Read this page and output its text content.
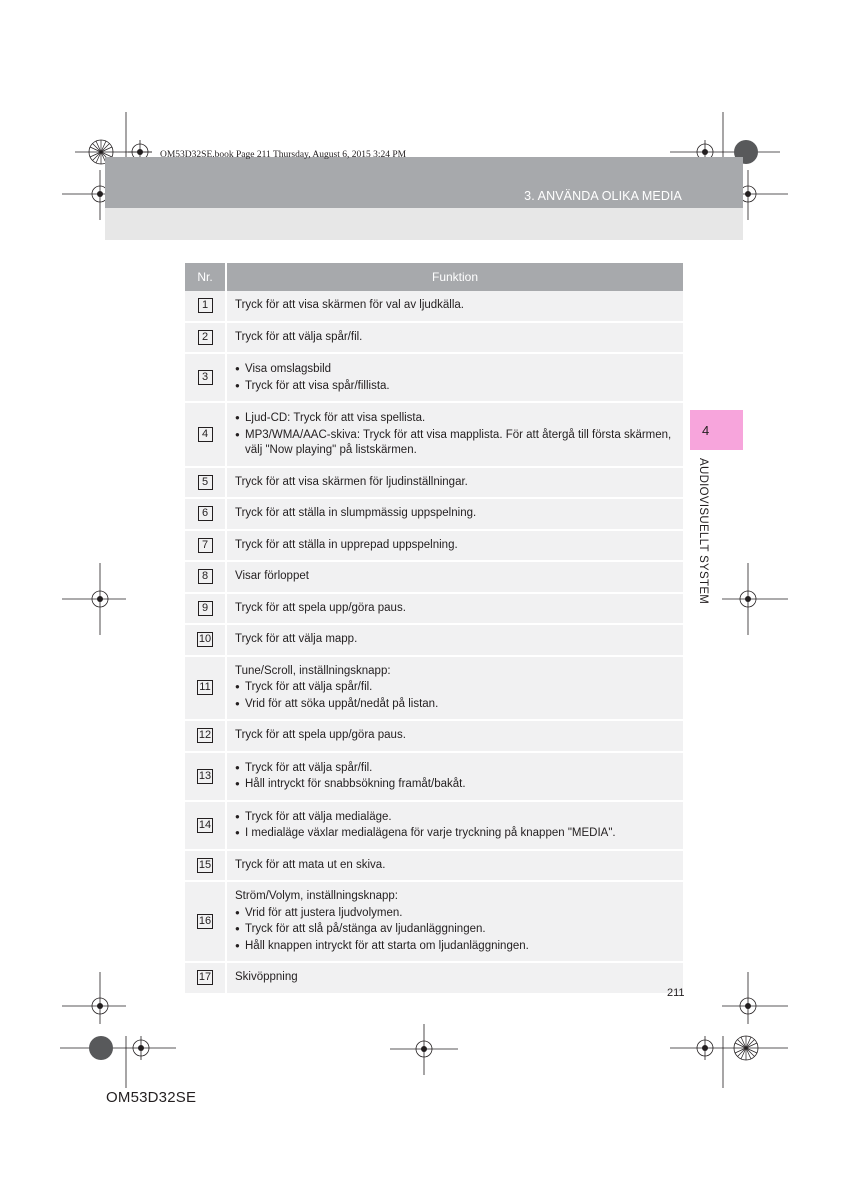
OM53D32SE.book Page 211 Thursday, August 6, 2015 3:24 PM
3. ANVÄNDA OLIKA MEDIA
4
AUDIOVISUELLT SYSTEM
Nr.	Funktion
1	Tryck för att visa skärmen för val av ljudkälla.

2	Tryck för att välja spår/fil.

3	● Visa omslagsbild
● Tryck för att visa spår/fillista.

4	● Ljud-CD: Tryck för att visa spellista.
● MP3/WMA/AAC-skiva: Tryck för att visa mapplista. För att återgå till första skärmen, välj "Now playing" på listskärmen.

5	Tryck för att visa skärmen för ljudinställningar.

6	Tryck för att ställa in slumpmässig uppspelning.

7	Tryck för att ställa in upprepad uppspelning.

8	Visar förloppet

9	Tryck för att spela upp/göra paus.

10	Tryck för att välja mapp.

11	Tune/Scroll, inställningsknapp:
● Tryck för att välja spår/fil.
● Vrid för att söka uppåt/nedåt på listan.

12	Tryck för att spela upp/göra paus.

13	● Tryck för att välja spår/fil.
● Håll intryckt för snabbsökning framåt/bakåt.

14	● Tryck för att välja medialäge.
● I medialäge växlar medialägena för varje tryckning på knappen "MEDIA".

15	Tryck för att mata ut en skiva.

16	Ström/Volym, inställningsknapp:
● Vrid för att justera ljudvolymen.
● Tryck för att slå på/stänga av ljudanläggningen.
● Håll knappen intryckt för att starta om ljudanläggningen.

17	Skivöppning
211
OM53D32SE
